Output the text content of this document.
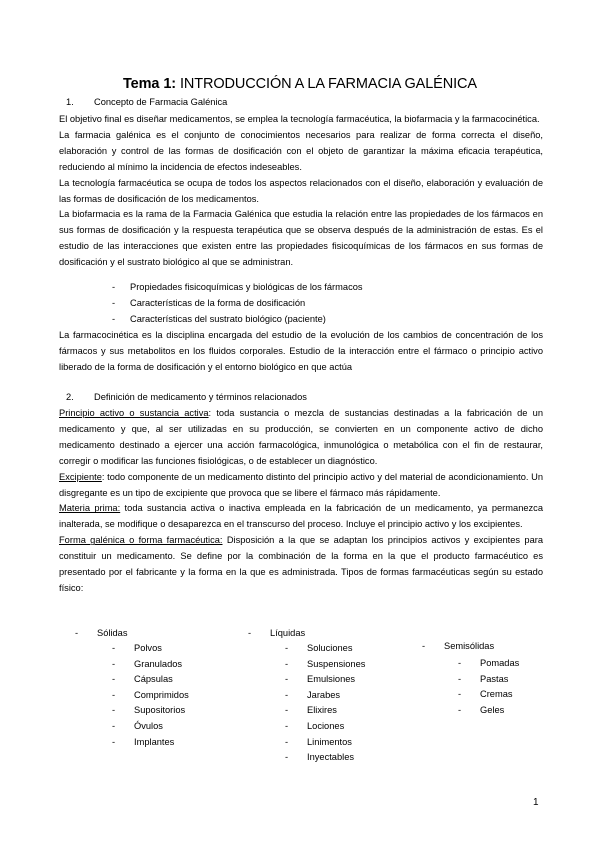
Tema 1: INTRODUCCIÓN A LA FARMACIA GALÉNICA
1. Concepto de Farmacia Galénica

El objetivo final es diseñar medicamentos, se emplea la tecnología farmacéutica, la biofarmacia y la farmacocinética.

La farmacia galénica es el conjunto de conocimientos necesarios para realizar de forma correcta el diseño, elaboración y control de las formas de dosificación con el objeto de garantizar la máxima eficacia terapéutica, reduciendo al mínimo la incidencia de efectos indeseables.

La tecnología farmacéutica se ocupa de todos los aspectos relacionados con el diseño, elaboración y evaluación de las formas de dosificación de los medicamentos.

La biofarmacia es la rama de la Farmacia Galénica que estudia la relación entre las propiedades de los fármacos en sus formas de dosificación y la respuesta terapéutica que se observa después de la administración de estas. Es el estudio de las interacciones que existen entre las propiedades fisicoquímicas de los fármacos en sus formas de dosificación y el sustrato biológico al que se administran.

- Propiedades fisicoquímicas y biológicas de los fármacos
- Características de la forma de dosificación
- Características del sustrato biológico (paciente)

La farmacocinética es la disciplina encargada del estudio de la evolución de los cambios de concentración de los fármacos y sus metabolitos en los fluidos corporales. Estudio de la interacción entre el fármaco o principio activo liberado de la forma de dosificación y el entorno biológico en que actúa

2. Definición de medicamento y términos relacionados

Principio activo o sustancia activa: toda sustancia o mezcla de sustancias destinadas a la fabricación de un medicamento y que, al ser utilizadas en su producción, se convierten en un componente activo de dicho medicamento destinado a ejercer una acción farmacológica, inmunológica o metabólica con el fin de restaurar, corregir o modificar las funciones fisiológicas, o de establecer un diagnóstico.

Excipiente: todo componente de un medicamento distinto del principio activo y del material de acondicionamiento. Un disgregante es un tipo de excipiente que provoca que se libere el fármaco más rápidamente.

Materia prima: toda sustancia activa o inactiva empleada en la fabricación de un medicamento, ya permanezca inalterada, se modifique o desaparezca en el transcurso del proceso. Incluye el principio activo y los excipientes.

Forma galénica o forma farmacéutica: Disposición a la que se adaptan los principios activos y excipientes para constituir un medicamento. Se define por la combinación de la forma en la que el producto farmacéutico es presentado por el fabricante y la forma en la que es administrada. Tipos de formas farmacéuticas según su estado físico:

- Sólidas
- Polvos
- Granulados
- Cápsulas
- Comprimidos
- Supositorios
- Óvulos
- Implantes
- Líquidas
- Soluciones
- Suspensiones
- Emulsiones
- Jarabes
- Elixires
- Lociones
- Linimentos
- Inyectables
- Semisólidas
- Pomadas
- Pastas
- Cremas
- Geles
1
